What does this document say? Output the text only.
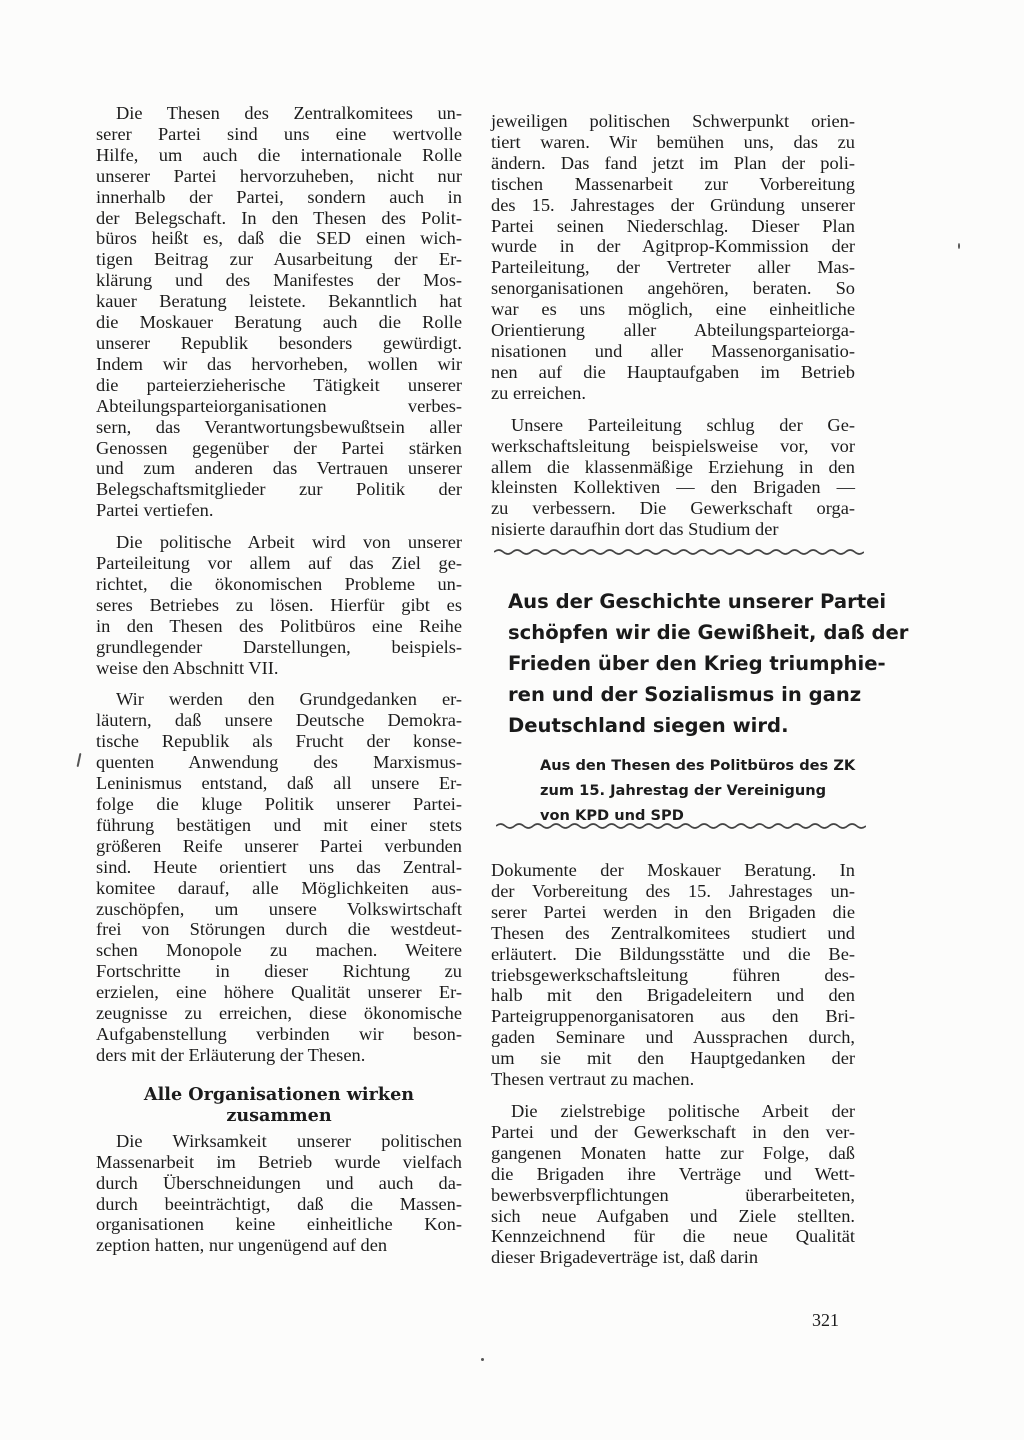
Die Thesen des Zentralkomitees un-
serer Partei sind uns eine wertvolle
Hilfe, um auch die internationale Rolle
unserer Partei hervorzuheben, nicht nur
innerhalb der Partei, sondern auch in
der Belegschaft. In den Thesen des Polit-
büros heißt es, daß die SED einen wich-
tigen Beitrag zur Ausarbeitung der Er-
klärung und des Manifestes der Mos-
kauer Beratung leistete. Bekanntlich hat
die Moskauer Beratung auch die Rolle
unserer Republik besonders gewürdigt.
Indem wir das hervorheben, wollen wir
die parteierzieherische Tätigkeit unserer
Abteilungsparteiorganisationen verbes-
sern, das Verantwortungsbewußtsein aller
Genossen gegenüber der Partei stärken
und zum anderen das Vertrauen unserer
Belegschaftsmitglieder zur Politik der
Partei vertiefen.
Die politische Arbeit wird von unserer
Parteileitung vor allem auf das Ziel ge-
richtet, die ökonomischen Probleme un-
seres Betriebes zu lösen. Hierfür gibt es
in den Thesen des Politbüros eine Reihe
grundlegender Darstellungen, beispiels-
weise den Abschnitt VII.
Wir werden den Grundgedanken er-
läutern, daß unsere Deutsche Demokra-
tische Republik als Frucht der konse-
quenten Anwendung des Marxismus-
Leninismus entstand, daß all unsere Er-
folge die kluge Politik unserer Partei-
führung bestätigen und mit einer stets
größeren Reife unserer Partei verbunden
sind. Heute orientiert uns das Zentral-
komitee darauf, alle Möglichkeiten aus-
zuschöpfen, um unsere Volkswirtschaft
frei von Störungen durch die westdeut-
schen Monopole zu machen. Weitere
Fortschritte in dieser Richtung zu
erzielen, eine höhere Qualität unserer Er-
zeugnisse zu erreichen, diese ökonomische
Aufgabenstellung verbinden wir beson-
ders mit der Erläuterung der Thesen.
Alle Organisationen wirken
zusammen
Die Wirksamkeit unserer politischen
Massenarbeit im Betrieb wurde vielfach
durch Überschneidungen und auch da-
durch beeinträchtigt, daß die Massen-
organisationen keine einheitliche Kon-
zeption hatten, nur ungenügend auf den
jeweiligen politischen Schwerpunkt orien-
tiert waren. Wir bemühen uns, das zu
ändern. Das fand jetzt im Plan der poli-
tischen Massenarbeit zur Vorbereitung
des 15. Jahrestages der Gründung unserer
Partei seinen Niederschlag. Dieser Plan
wurde in der Agitprop-Kommission der
Parteileitung, der Vertreter aller Mas-
senorganisationen angehören, beraten. So
war es uns möglich, eine einheitliche
Orientierung aller Abteilungsparteiorga-
nisationen und aller Massenorganisatio-
nen auf die Hauptaufgaben im Betrieb
zu erreichen.
Unsere Parteileitung schlug der Ge-
werkschaftsleitung beispielsweise vor, vor
allem die klassenmäßige Erziehung in den
kleinsten Kollektiven — den Brigaden —
zu verbessern. Die Gewerkschaft orga-
nisierte daraufhin dort das Studium der
Aus der Geschichte unserer Partei
schöpfen wir die Gewißheit, daß der
Frieden über den Krieg triumphie-
ren und der Sozialismus in ganz
Deutschland siegen wird.
Aus den Thesen des Politbüros des ZK
zum 15. Jahrestag der Vereinigung
von KPD und SPD
Dokumente der Moskauer Beratung. In
der Vorbereitung des 15. Jahrestages un-
serer Partei werden in den Brigaden die
Thesen des Zentralkomitees studiert und
erläutert. Die Bildungsstätte und die Be-
triebsgewerkschaftsleitung führen des-
halb mit den Brigadeleitern und den
Parteigruppenorganisatoren aus den Bri-
gaden Seminare und Aussprachen durch,
um sie mit den Hauptgedanken der
Thesen vertraut zu machen.
Die zielstrebige politische Arbeit der
Partei und der Gewerkschaft in den ver-
gangenen Monaten hatte zur Folge, daß
die Brigaden ihre Verträge und Wett-
bewerbsverpflichtungen überarbeiteten,
sich neue Aufgaben und Ziele stellten.
Kennzeichnend für die neue Qualität
dieser Brigadeverträge ist, daß darin
321
